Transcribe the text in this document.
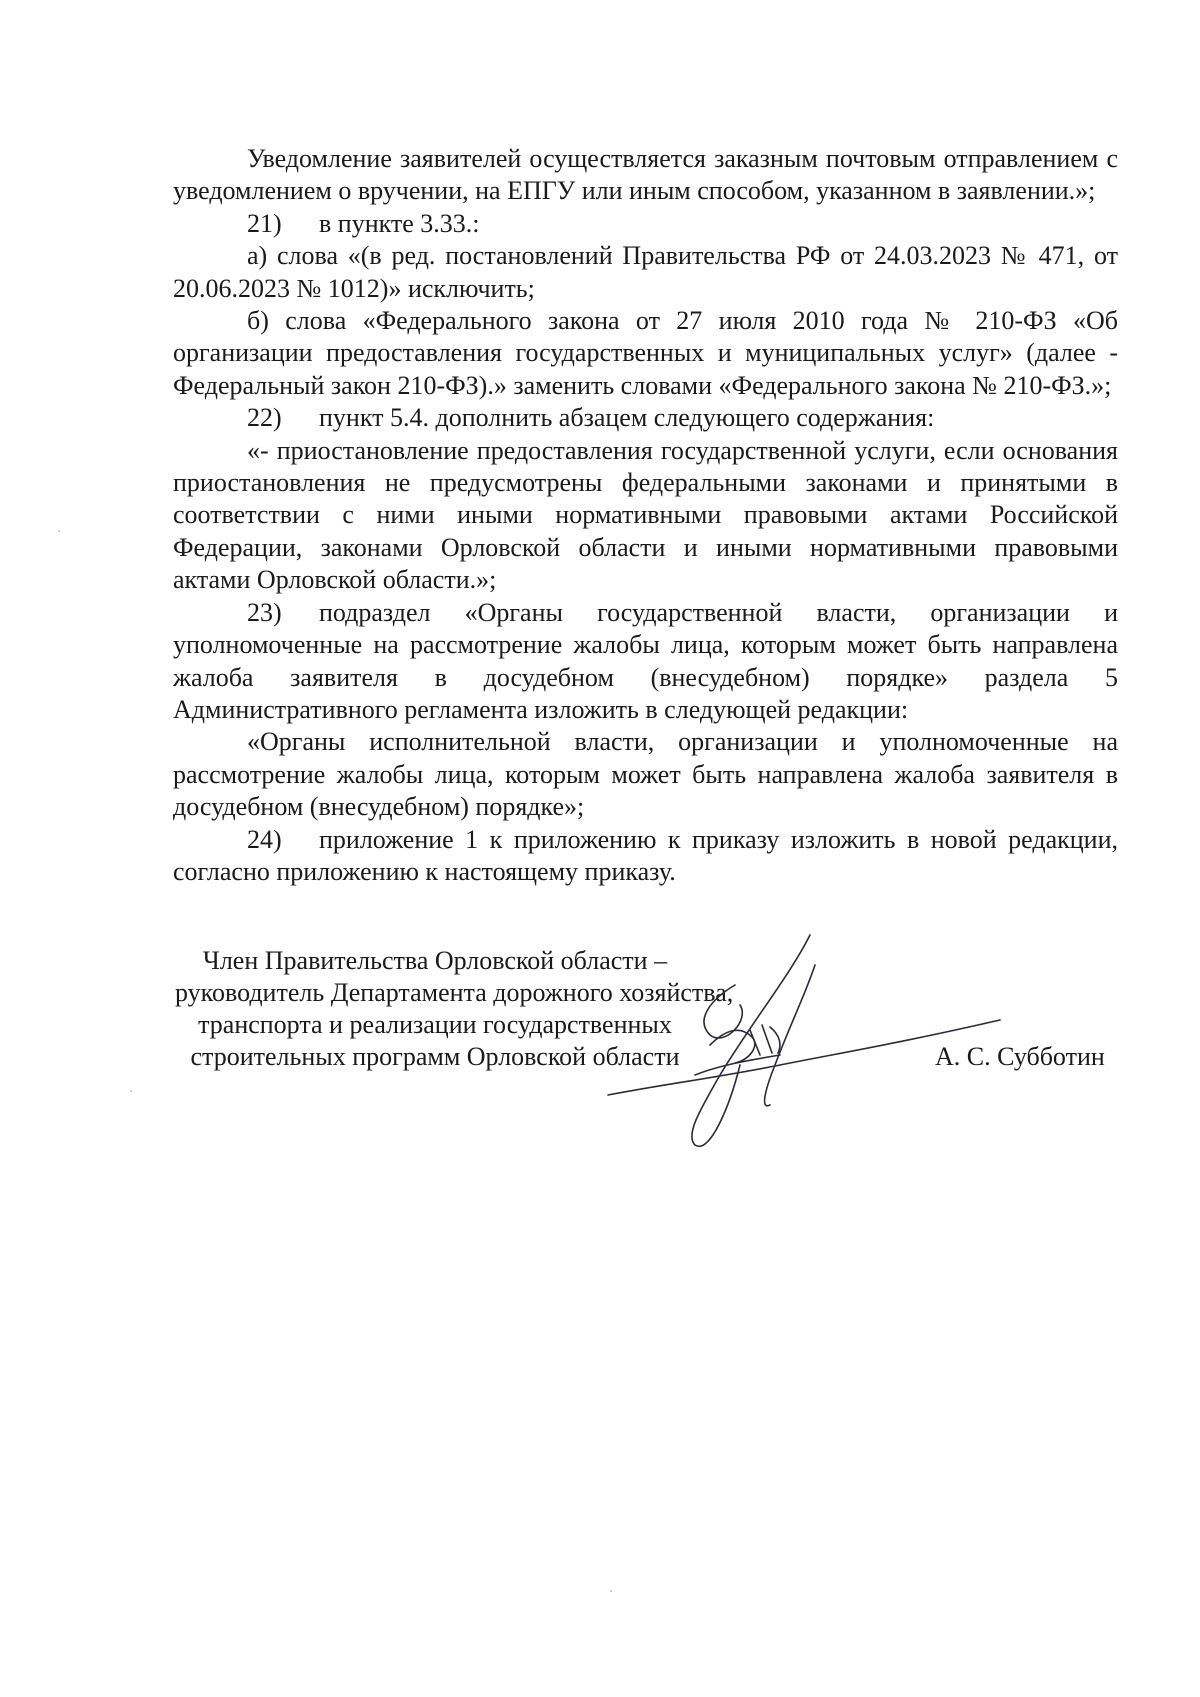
Уведомление заявителей осуществляется заказным почтовым отправлением с уведомлением о вручении, на ЕПГУ или иным способом, указанном в заявлении.»;

21) в пункте 3.33.:

а) слова «(в ред. постановлений Правительства РФ от 24.03.2023 № 471, от 20.06.2023 № 1012)» исключить;

б) слова «Федерального закона от 27 июля 2010 года № 210-ФЗ «Об организации предоставления государственных и муниципальных услуг» (далее - Федеральный закон 210-ФЗ).» заменить словами «Федерального закона № 210-ФЗ.»;

22) пункт 5.4. дополнить абзацем следующего содержания:

«- приостановление предоставления государственной услуги, если основания приостановления не предусмотрены федеральными законами и принятыми в соответствии с ними иными нормативными правовыми актами Российской Федерации, законами Орловской области и иными нормативными правовыми актами Орловской области.»;

23) подраздел «Органы государственной власти, организации и уполномоченные на рассмотрение жалобы лица, которым может быть направлена жалоба заявителя в досудебном (внесудебном) порядке» раздела 5 Административного регламента изложить в следующей редакции:

«Органы исполнительной власти, организации и уполномоченные на рассмотрение жалобы лица, которым может быть направлена жалоба заявителя в досудебном (внесудебном) порядке»;

24) приложение 1 к приложению к приказу изложить в новой редакции, согласно приложению к настоящему приказу.

Член Правительства Орловской области –
руководитель Департамента дорожного хозяйства,
транспорта и реализации государственных
строительных программ Орловской области	А. С. Субботин
